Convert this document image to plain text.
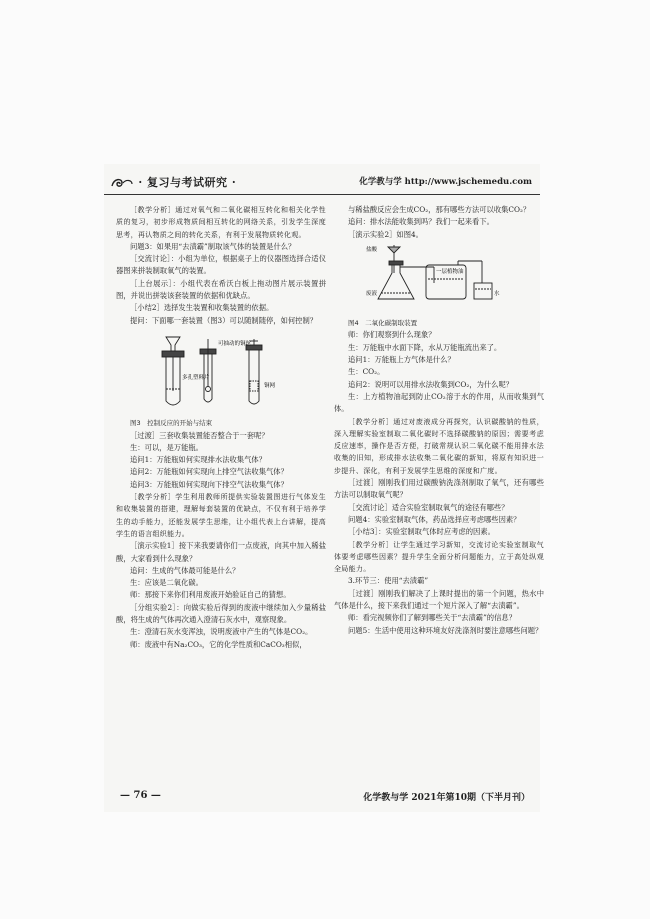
· 复习与考试研究 ·	化学教与学 http://www.jschemedu.com

［教学分析］通过对氧气和二氧化碳相互转化和相关化学性质的复习，初步形成物质间相互转化的网络关系，引发学生深度思考，再认物质之间的转化关系，有利于发展物质转化观。

问题3：如果用“去渍霸”制取该气体的装置是什么？

［交流讨论］：小组为单位，根据桌子上的仪器图选择合适仪器图来拼装制取氧气的装置。

［上台展示］：小组代表在希沃白板上拖动图片展示装置拼图，并说出拼装该套装置的依据和优缺点。

［小结2］选择发生装置和收集装置的依据。

提问：下面哪一套装置（图3）可以随制随停，如何控制？

可抽动的铜丝
多孔塑料片
铜网

图3　控制反应的开始与结束

［过渡］三套收集装置能否整合于一套呢？

生：可以，是万能瓶。

追问1：万能瓶如何实现排水法收集气体？

追问2：万能瓶如何实现向上排空气法收集气体？

追问3：万能瓶如何实现向下排空气法收集气体？

［教学分析］学生利用教师所提供实验装置图进行气体发生和收集装置的搭建，理解每套装置的优缺点，不仅有利于培养学生的动手能力，还能发展学生思维，让小组代表上台讲解，提高学生的语言组织能力。

［演示实验1］接下来我要请你们一点废液，向其中加入稀盐酸，大家看到什么现象？

追问：生成的气体最可能是什么？

生：应该是二氧化碳。

师：那接下来你们利用废液开始验证自己的猜想。

［分组实验2］：向做实验后得到的废液中继续加入少量稀盐酸，将生成的气体再次通入澄清石灰水中，观察现象。

生：澄清石灰水变浑浊，说明废液中产生的气体是CO₂。

师：废液中有Na₂CO₃，它的化学性质和CaCO₃相似，

与稀盐酸反应会生成CO₂，那有哪些方法可以收集CO₂？

追问：排水法能收集到吗？我们一起来看下。

［演示实验2］如图4。

盐酸
一层植物油
废液	水

图4　二氧化碳制取装置

师：你们观察到什么现象？

生：万能瓶中水面下降，水从万能瓶流出来了。

追问1：万能瓶上方气体是什么？

生：CO₂。

追问2：说明可以用排水法收集到CO₂，为什么呢？

生：上方植物油起到防止CO₂溶于水的作用，从而收集到气体。

［教学分析］通过对废液成分再探究，认识碳酸钠的性质，深入理解实验室制取二氧化碳时不选择碳酸钠的原因；需要考虑反应速率，操作是否方便，打破常规认识二氧化碳不能用排水法收集的旧知，形成排水法收集二氧化碳的新知，将原有知识进一步提升、深化，有利于发展学生思维的深度和广度。

［过渡］刚刚我们用过碳酸钠洗涤剂制取了氧气，还有哪些方法可以制取氧气呢？

［交流讨论］适合实验室制取氧气的途径有哪些？

问题4：实验室制取气体，药品选择应考虑哪些因素？

［小结3］：实验室制取气体时应考虑的因素。

［教学分析］让学生通过学习新知，交流讨论实验室制取气体要考虑哪些因素？提升学生全面分析问题能力，立于高处纵观全局能力。

3.环节三：使用“去渍霸”

［过渡］刚刚我们解决了上课时提出的第一个问题，热水中气体是什么，接下来我们通过一个短片深入了解“去渍霸”。

师：看完视频你们了解到哪些关于“去渍霸”的信息？

问题5：生活中使用这种环境友好洗涤剂时要注意哪些问题？

— 76 —	化学教与学 2021年第10期（下半月刊）
